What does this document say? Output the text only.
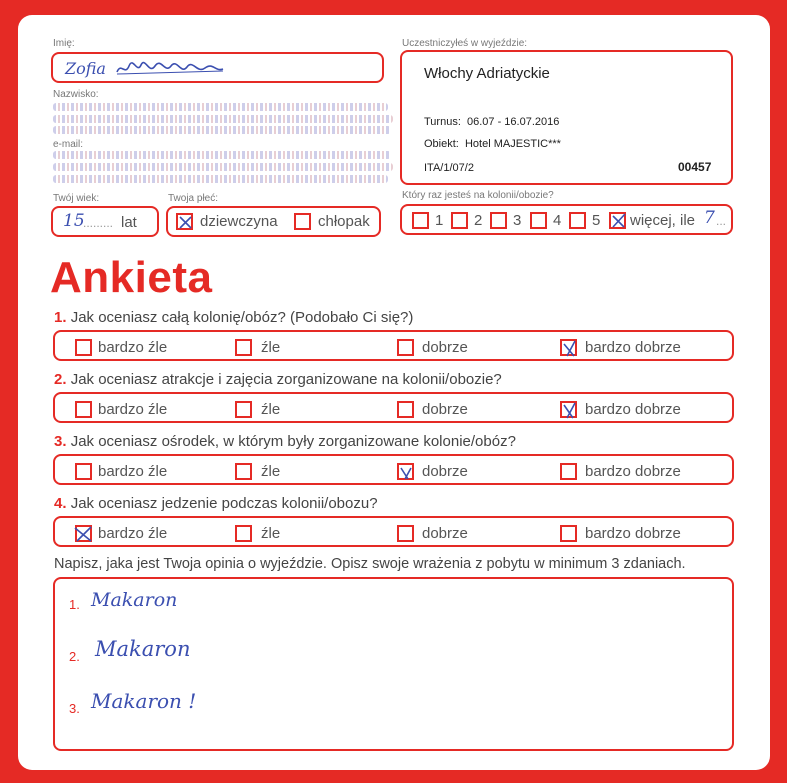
Imię:
Zofia
Nazwisko:
e-mail:
Twój wiek:
15
......... lat
Twoja płeć:
dziewczyna	chłopak
Uczestniczyłeś w wyjeździe:
Włochy Adriatyckie
Turnus:  06.07 - 16.07.2016
Obiekt:  Hotel MAJESTIC***
ITA/1/07/2	00457
Który raz jesteś na kolonii/obozie?
1 2 3 4 5 więcej, ile 7 ...
Ankieta
1. Jak oceniasz całą kolonię/obóz? (Podobało Ci się?)
bardzo źle	źle	dobrze	bardzo dobrze
2. Jak oceniasz atrakcje i zajęcia zorganizowane na kolonii/obozie?
bardzo źle	źle	dobrze	bardzo dobrze
3. Jak oceniasz ośrodek, w którym były zorganizowane kolonie/obóz?
bardzo źle	źle	dobrze	bardzo dobrze
4. Jak oceniasz jedzenie podczas kolonii/obozu?
bardzo źle	źle	dobrze	bardzo dobrze
Napisz, jaka jest Twoja opinia o wyjeździe. Opisz swoje wrażenia z pobytu w minimum 3 zdaniach.
1. Makaron
2. Makaron
3. Makaron !
